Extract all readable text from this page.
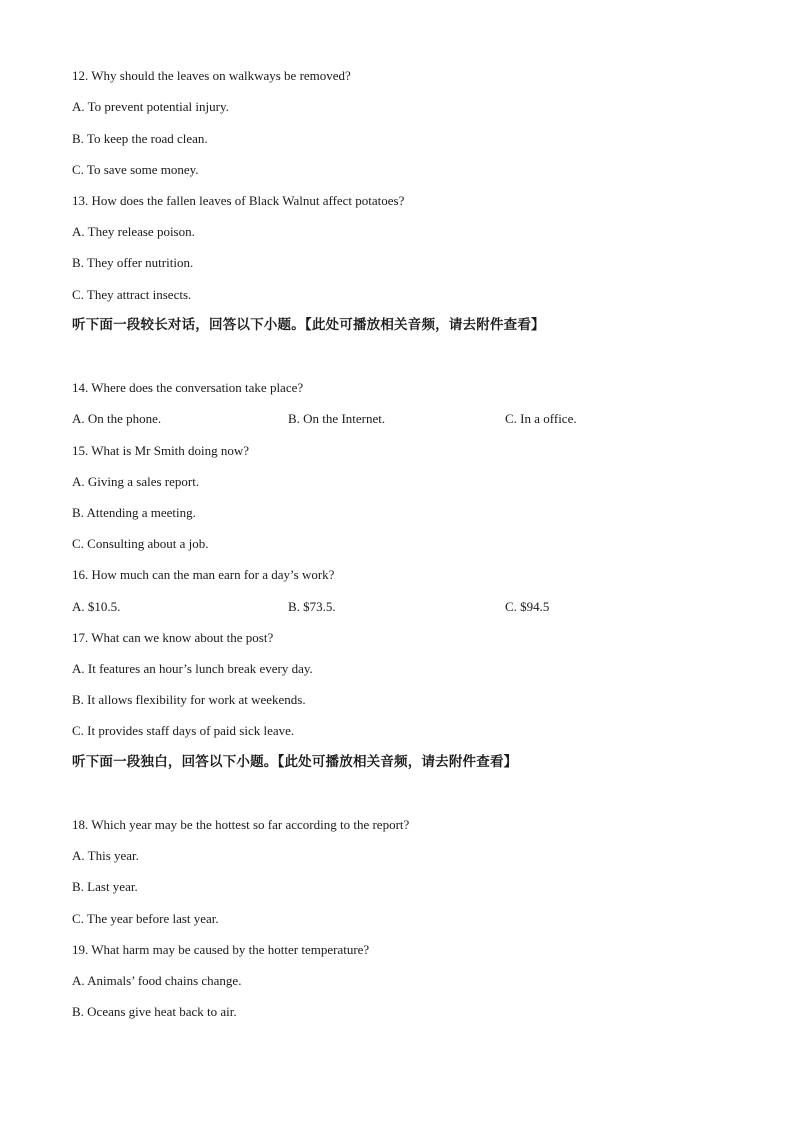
12. Why should the leaves on walkways be removed?
A. To prevent potential injury.
B. To keep the road clean.
C. To save some money.
13. How does the fallen leaves of Black Walnut affect potatoes?
A. They release poison.
B. They offer nutrition.
C. They attract insects.
听下面一段较长对话，回答以下小题。【此处可播放相关音频，请去附件查看】
14. Where does the conversation take place?
A. On the phone.	B. On the Internet.	C. In a office.
15. What is Mr Smith doing now?
A. Giving a sales report.
B. Attending a meeting.
C. Consulting about a job.
16. How much can the man earn for a day’s work?
A. $10.5.	B. $73.5.	C. $94.5
17. What can we know about the post?
A. It features an hour’s lunch break every day.
B. It allows flexibility for work at weekends.
C. It provides staff days of paid sick leave.
听下面一段独白，回答以下小题。【此处可播放相关音频，请去附件查看】
18. Which year may be the hottest so far according to the report?
A. This year.
B. Last year.
C. The year before last year.
19. What harm may be caused by the hotter temperature?
A. Animals’ food chains change.
B. Oceans give heat back to air.
